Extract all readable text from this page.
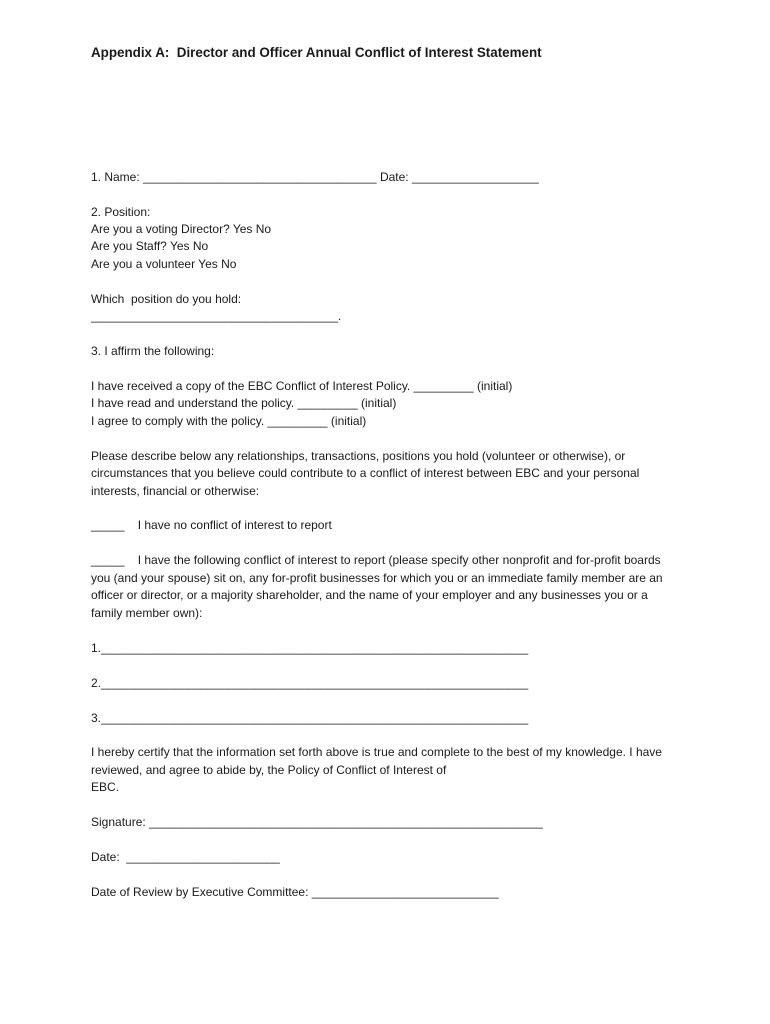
Appendix A:  Director and Officer Annual Conflict of Interest Statement
1. Name: ___________________________________ Date: ___________________
2. Position:
Are you a voting Director? Yes No
Are you Staff? Yes No
Are you a volunteer Yes No
Which  position do you hold:
_____________________________________.
3. I affirm the following:
I have received a copy of the EBC Conflict of Interest Policy. _________ (initial)
I have read and understand the policy. _________ (initial)
I agree to comply with the policy. _________ (initial)
Please describe below any relationships, transactions, positions you hold (volunteer or otherwise), or
circumstances that you believe could contribute to a conflict of interest between EBC and your personal
interests, financial or otherwise:
_____    I have no conflict of interest to report
_____    I have the following conflict of interest to report (please specify other nonprofit and for-profit boards
you (and your spouse) sit on, any for-profit businesses for which you or an immediate family member are an
officer or director, or a majority shareholder, and the name of your employer and any businesses you or a
family member own):
1.________________________________________________________________
2.________________________________________________________________
3.________________________________________________________________
I hereby certify that the information set forth above is true and complete to the best of my knowledge. I have
reviewed, and agree to abide by, the Policy of Conflict of Interest of
EBC.
Signature: ___________________________________________________________
Date:  _______________________
Date of Review by Executive Committee: ____________________________
